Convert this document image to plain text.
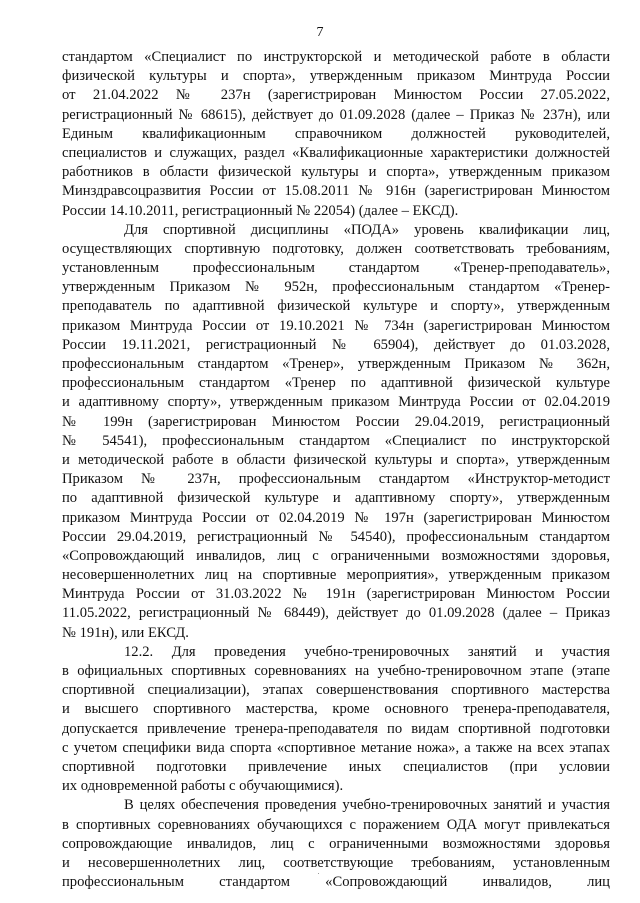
7
стандартом «Специалист по инструкторской и методической работе в области
физической культуры и спорта», утвержденным приказом Минтруда России
от 21.04.2022 № 237н (зарегистрирован Минюстом России 27.05.2022,
регистрационный № 68615), действует до 01.09.2028 (далее – Приказ № 237н), или
Единым квалификационным справочником должностей руководителей,
специалистов и служащих, раздел «Квалификационные характеристики должностей
работников в области физической культуры и спорта», утвержденным приказом
Минздравсоцразвития России от 15.08.2011 № 916н (зарегистрирован Минюстом
России 14.10.2011, регистрационный № 22054) (далее – ЕКСД).
Для спортивной дисциплины «ПОДА» уровень квалификации лиц,
осуществляющих спортивную подготовку, должен соответствовать требованиям,
установленным профессиональным стандартом «Тренер-преподаватель»,
утвержденным Приказом № 952н, профессиональным стандартом «Тренер-
преподаватель по адаптивной физической культуре и спорту», утвержденным
приказом Минтруда России от 19.10.2021 № 734н (зарегистрирован Минюстом
России 19.11.2021, регистрационный № 65904), действует до 01.03.2028,
профессиональным стандартом «Тренер», утвержденным Приказом № 362н,
профессиональным стандартом «Тренер по адаптивной физической культуре
и адаптивному спорту», утвержденным приказом Минтруда России от 02.04.2019
№ 199н (зарегистрирован Минюстом России 29.04.2019, регистрационный
№ 54541), профессиональным стандартом «Специалист по инструкторской
и методической работе в области физической культуры и спорта», утвержденным
Приказом № 237н, профессиональным стандартом «Инструктор-методист
по адаптивной физической культуре и адаптивному спорту», утвержденным
приказом Минтруда России от 02.04.2019 № 197н (зарегистрирован Минюстом
России 29.04.2019, регистрационный № 54540), профессиональным стандартом
«Сопровождающий инвалидов, лиц с ограниченными возможностями здоровья,
несовершеннолетних лиц на спортивные мероприятия», утвержденным приказом
Минтруда России от 31.03.2022 № 191н (зарегистрирован Минюстом России
11.05.2022, регистрационный № 68449), действует до 01.09.2028 (далее – Приказ
№ 191н), или ЕКСД.
12.2. Для проведения учебно-тренировочных занятий и участия
в официальных спортивных соревнованиях на учебно-тренировочном этапе (этапе
спортивной специализации), этапах совершенствования спортивного мастерства
и высшего спортивного мастерства, кроме основного тренера-преподавателя,
допускается привлечение тренера-преподавателя по видам спортивной подготовки
с учетом специфики вида спорта «спортивное метание ножа», а также на всех этапах
спортивной подготовки привлечение иных специалистов (при условии
их одновременной работы с обучающимися).
В целях обеспечения проведения учебно-тренировочных занятий и участия
в спортивных соревнованиях обучающихся с поражением ОДА могут привлекаться
сопровождающие инвалидов, лиц с ограниченными возможностями здоровья
и несовершеннолетних лиц, соответствующие требованиям, установленным
профессиональным стандартом «Сопровождающий инвалидов, лиц
